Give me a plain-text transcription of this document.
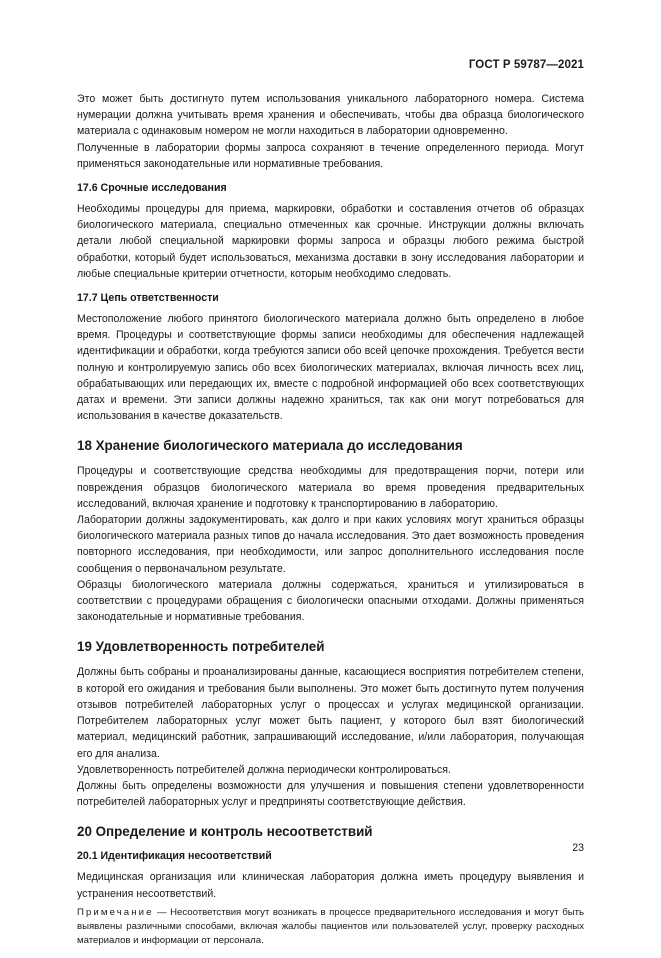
ГОСТ Р 59787—2021

Это может быть достигнуто путем использования уникального лабораторного номера. Система нумерации должна учитывать время хранения и обеспечивать, чтобы два образца биологического материала с одинаковым номером не могли находиться в лаборатории одновременно.

Полученные в лаборатории формы запроса сохраняют в течение определенного периода. Могут применяться законодательные или нормативные требования.

17.6 Срочные исследования

Необходимы процедуры для приема, маркировки, обработки и составления отчетов об образцах биологического материала, специально отмеченных как срочные. Инструкции должны включать детали любой специальной маркировки формы запроса и образцы любого режима быстрой обработки, который будет использоваться, механизма доставки в зону исследования лаборатории и любые специальные критерии отчетности, которым необходимо следовать.

17.7 Цепь ответственности

Местоположение любого принятого биологического материала должно быть определено в любое время. Процедуры и соответствующие формы записи необходимы для обеспечения надлежащей идентификации и обработки, когда требуются записи обо всей цепочке прохождения. Требуется вести полную и контролируемую запись обо всех биологических материалах, включая личность всех лиц, обрабатывающих или передающих их, вместе с подробной информацией обо всех соответствующих датах и времени. Эти записи должны надежно храниться, так как они могут потребоваться для использования в качестве доказательств.

18 Хранение биологического материала до исследования

Процедуры и соответствующие средства необходимы для предотвращения порчи, потери или повреждения образцов биологического материала во время проведения предварительных исследований, включая хранение и подготовку к транспортированию в лабораторию.

Лаборатории должны задокументировать, как долго и при каких условиях могут храниться образцы биологического материала разных типов до начала исследования. Это дает возможность проведения повторного исследования, при необходимости, или запрос дополнительного исследования после сообщения о первоначальном результате.

Образцы биологического материала должны содержаться, храниться и утилизироваться в соответствии с процедурами обращения с биологически опасными отходами. Должны применяться законодательные и нормативные требования.

19 Удовлетворенность потребителей

Должны быть собраны и проанализированы данные, касающиеся восприятия потребителем степени, в которой его ожидания и требования были выполнены. Это может быть достигнуто путем получения отзывов потребителей лабораторных услуг о процессах и услугах медицинской организации. Потребителем лабораторных услуг может быть пациент, у которого был взят биологический материал, медицинский работник, запрашивающий исследование, и/или лаборатория, получающая его для анализа.

Удовлетворенность потребителей должна периодически контролироваться.

Должны быть определены возможности для улучшения и повышения степени удовлетворенности потребителей лабораторных услуг и предприняты соответствующие действия.

20 Определение и контроль несоответствий
20.1 Идентификация несоответствий

Медицинская организация или клиническая лаборатория должна иметь процедуру выявления и устранения несоответствий.

Примечание — Несоответствия могут возникать в процессе предварительного исследования и могут быть выявлены различными способами, включая жалобы пациентов или пользователей услуг, проверку расходных материалов и информации от персонала.

23
